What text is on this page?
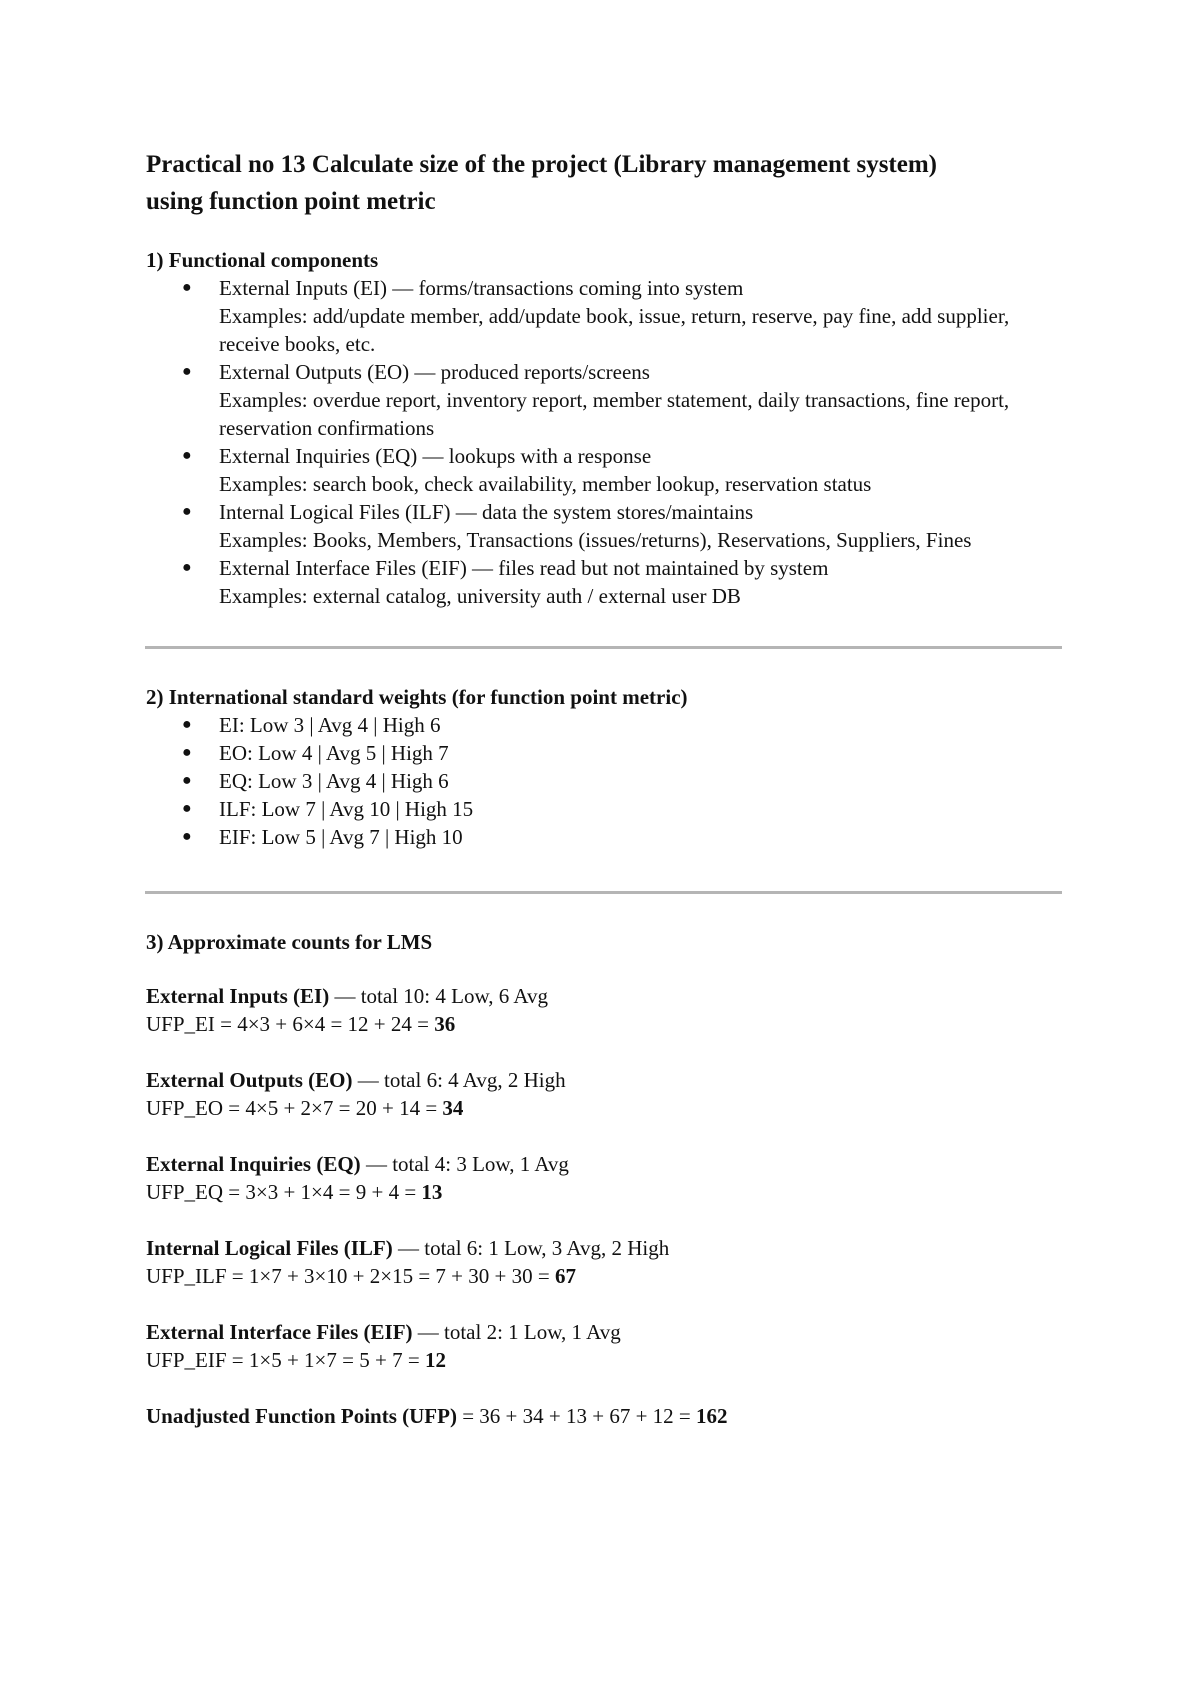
Practical no 13 Calculate size of the project (Library management system)
using function point metric
1) Functional components
● External Inputs (EI) — forms/transactions coming into system
Examples: add/update member, add/update book, issue, return, reserve, pay fine, add supplier, receive books, etc.
● External Outputs (EO) — produced reports/screens
Examples: overdue report, inventory report, member statement, daily transactions, fine report, reservation confirmations
● External Inquiries (EQ) — lookups with a response
Examples: search book, check availability, member lookup, reservation status
● Internal Logical Files (ILF) — data the system stores/maintains
Examples: Books, Members, Transactions (issues/returns), Reservations, Suppliers, Fines
● External Interface Files (EIF) — files read but not maintained by system
Examples: external catalog, university auth / external user DB
2) International standard weights (for function point metric)
● EI: Low 3 | Avg 4 | High 6
● EO: Low 4 | Avg 5 | High 7
● EQ: Low 3 | Avg 4 | High 6
● ILF: Low 7 | Avg 10 | High 15
● EIF: Low 5 | Avg 7 | High 10
3) Approximate counts for LMS
External Inputs (EI) — total 10: 4 Low, 6 Avg
UFP_EI = 4×3 + 6×4 = 12 + 24 = 36
External Outputs (EO) — total 6: 4 Avg, 2 High
UFP_EO = 4×5 + 2×7 = 20 + 14 = 34
External Inquiries (EQ) — total 4: 3 Low, 1 Avg
UFP_EQ = 3×3 + 1×4 = 9 + 4 = 13
Internal Logical Files (ILF) — total 6: 1 Low, 3 Avg, 2 High
UFP_ILF = 1×7 + 3×10 + 2×15 = 7 + 30 + 30 = 67
External Interface Files (EIF) — total 2: 1 Low, 1 Avg
UFP_EIF = 1×5 + 1×7 = 5 + 7 = 12
Unadjusted Function Points (UFP) = 36 + 34 + 13 + 67 + 12 = 162
